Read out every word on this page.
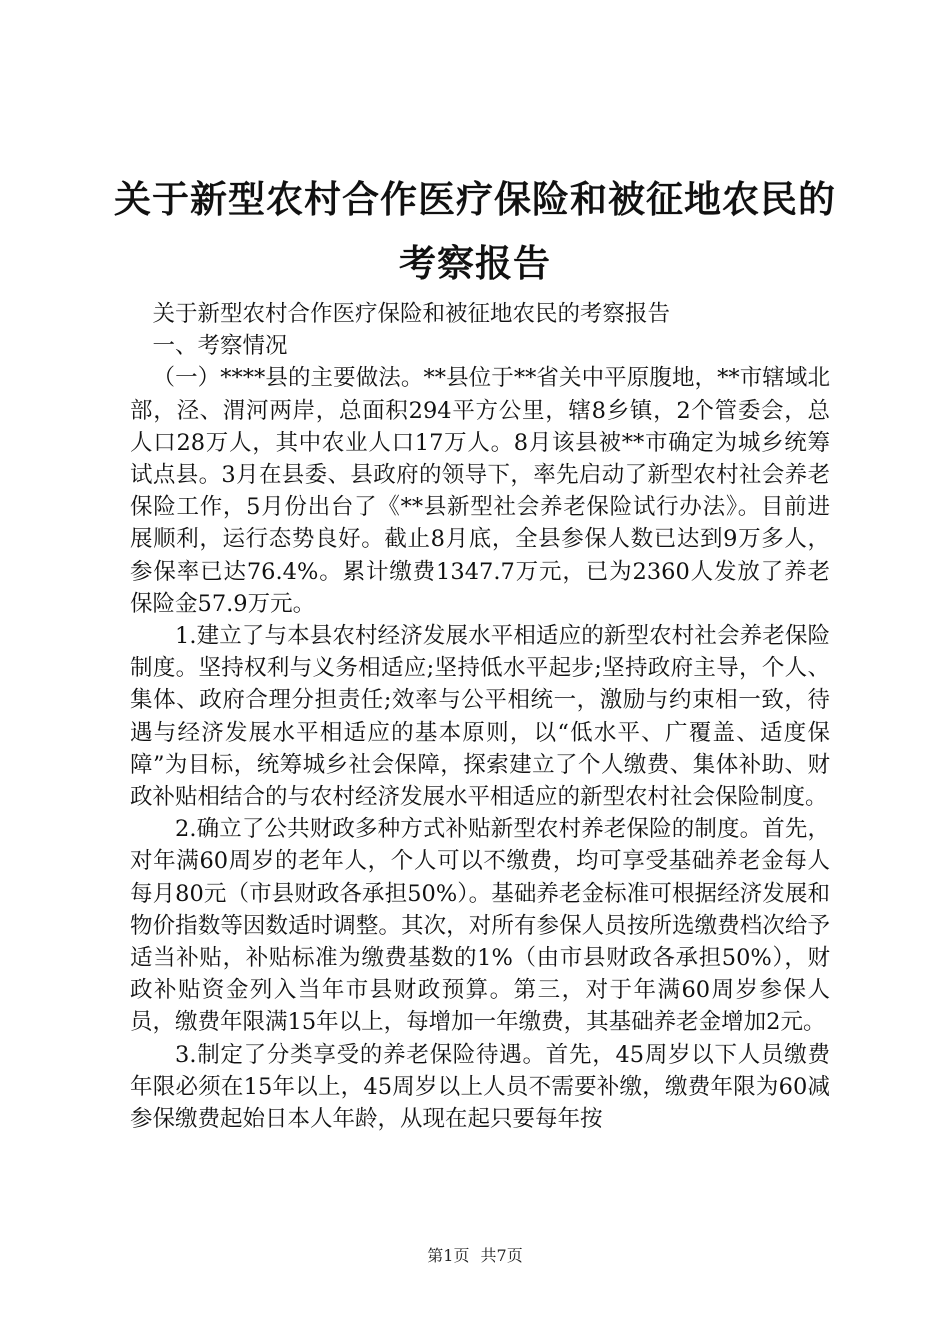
关于新型农村合作医疗保险和被征地农民的考察报告

关于新型农村合作医疗保险和被征地农民的考察报告

一、考察情况

（一）****县的主要做法。**县位于**省关中平原腹地，**市辖域北部，泾、渭河两岸，总面积294平方公里，辖8乡镇，2个管委会，总人口28万人，其中农业人口17万人。8月该县被**市确定为城乡统筹试点县。3月在县委、县政府的领导下，率先启动了新型农村社会养老保险工作，5月份出台了《**县新型社会养老保险试行办法》。目前进展顺利，运行态势良好。截止8月底，全县参保人数已达到9万多人，参保率已达76.4%。累计缴费1347.7万元，已为2360人发放了养老保险金57.9万元。

1.建立了与本县农村经济发展水平相适应的新型农村社会养老保险制度。坚持权利与义务相适应;坚持低水平起步;坚持政府主导，个人、集体、政府合理分担责任;效率与公平相统一，激励与约束相一致，待遇与经济发展水平相适应的基本原则，以“低水平、广覆盖、适度保障”为目标，统筹城乡社会保障，探索建立了个人缴费、集体补助、财政补贴相结合的与农村经济发展水平相适应的新型农村社会保险制度。

2.确立了公共财政多种方式补贴新型农村养老保险的制度。首先，对年满60周岁的老年人，个人可以不缴费，均可享受基础养老金每人每月80元（市县财政各承担50%）。基础养老金标准可根据经济发展和物价指数等因数适时调整。其次，对所有参保人员按所选缴费档次给予适当补贴，补贴标准为缴费基数的1%（由市县财政各承担50%），财政补贴资金列入当年市县财政预算。第三，对于年满60周岁参保人员，缴费年限满15年以上，每增加一年缴费，其基础养老金增加2元。

3.制定了分类享受的养老保险待遇。首先，45周岁以下人员缴费年限必须在15年以上，45周岁以上人员不需要补缴，缴费年限为60减参保缴费起始日本人年龄，从现在起只要每年按

第1页 共7页
